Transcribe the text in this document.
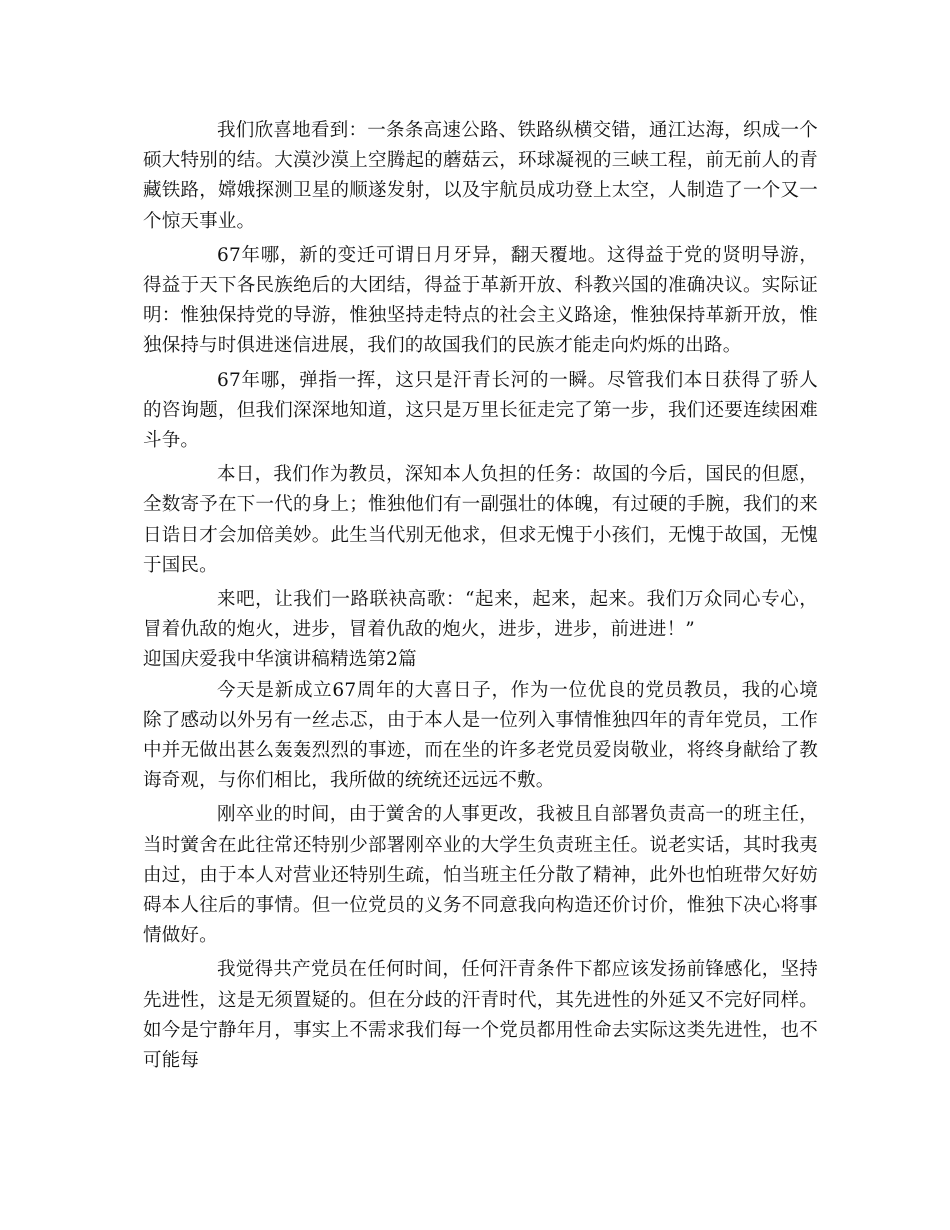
我们欣喜地看到：一条条高速公路、铁路纵横交错，通江达海，织成一个硕大特别的结。大漠沙漠上空腾起的蘑菇云，环球凝视的三峡工程，前无前人的青藏铁路，嫦娥探测卫星的顺遂发射，以及宇航员成功登上太空，人制造了一个又一个惊天事业。

67年哪，新的变迁可谓日月牙异，翻天覆地。这得益于党的贤明导游，得益于天下各民族绝后的大团结，得益于革新开放、科教兴国的准确决议。实际证明：惟独保持党的导游，惟独坚持走特点的社会主义路途，惟独保持革新开放，惟独保持与时俱进迷信进展，我们的故国我们的民族才能走向灼烁的出路。

67年哪，弹指一挥，这只是汗青长河的一瞬。尽管我们本日获得了骄人的咨询题，但我们深深地知道，这只是万里长征走完了第一步，我们还要连续困难斗争。

本日，我们作为教员，深知本人负担的任务：故国的今后，国民的但愿，全数寄予在下一代的身上；惟独他们有一副强壮的体魄，有过硬的手腕，我们的来日诰日才会加倍美妙。此生当代别无他求，但求无愧于小孩们，无愧于故国，无愧于国民。

来吧，让我们一路联袂高歌：“起来，起来，起来。我们万众同心专心，冒着仇敌的炮火，进步，冒着仇敌的炮火，进步，进步，前进进！”

迎国庆爱我中华演讲稿精选第2篇

今天是新成立67周年的大喜日子，作为一位优良的党员教员，我的心境除了感动以外另有一丝忐忑，由于本人是一位列入事情惟独四年的青年党员，工作中并无做出甚么轰轰烈烈的事迹，而在坐的许多老党员爱岗敬业，将终身献给了教诲奇观，与你们相比，我所做的统统还远远不敷。

刚卒业的时间，由于黉舍的人事更改，我被且自部署负责高一的班主任，当时黉舍在此往常还特别少部署刚卒业的大学生负责班主任。说老实话，其时我夷由过，由于本人对营业还特别生疏，怕当班主任分散了精神，此外也怕班带欠好妨碍本人往后的事情。但一位党员的义务不同意我向构造还价讨价，惟独下决心将事情做好。

我觉得共产党员在任何时间，任何汗青条件下都应该发扬前锋感化，坚持先进性，这是无须置疑的。但在分歧的汗青时代，其先进性的外延又不完好同样。如今是宁静年月，事实上不需求我们每一个党员都用性命去实际这类先进性，也不可能每
